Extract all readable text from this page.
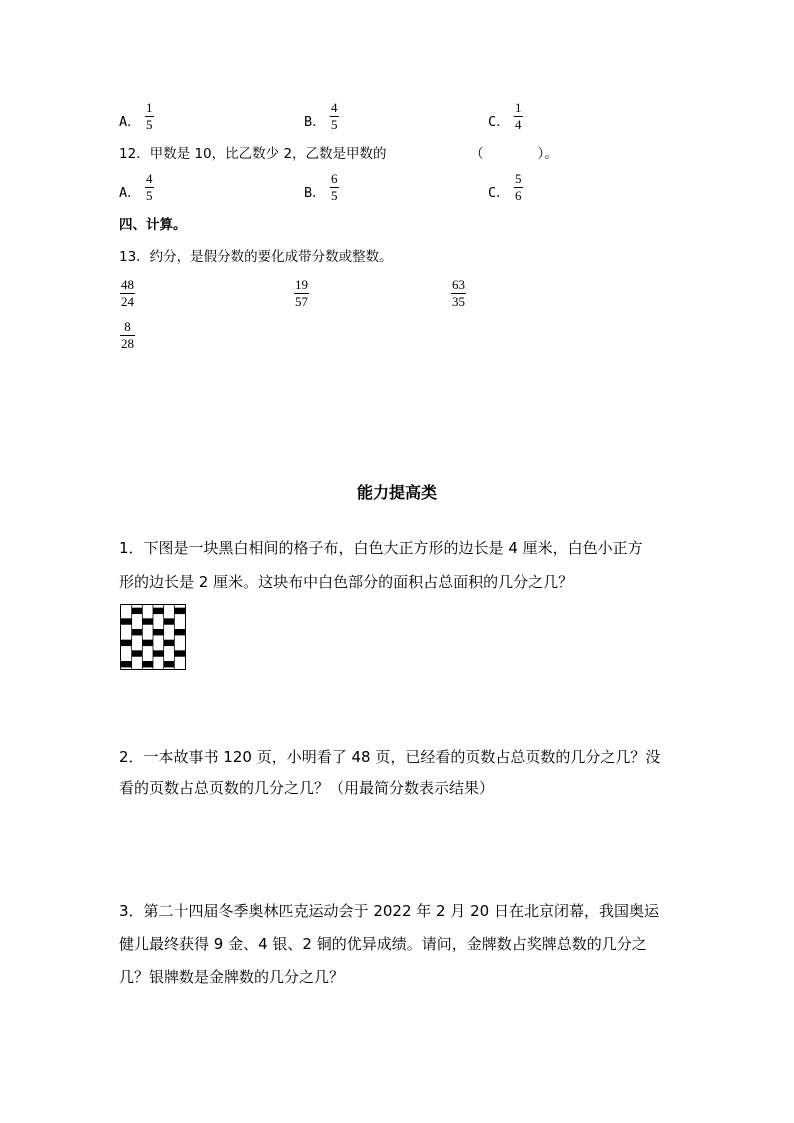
A．
1
5	B．
4
5	C．
1
4
12．甲数是 10，比乙数少 2，乙数是甲数的	（　　　　）。
A．
4
5	B．
6
5	C．
5
6
四、计算。
13．约分，是假分数的要化成带分数或整数。
48
24
19
57
63
35
8
28
能力提高类
1．下图是一块黑白相间的格子布，白色大正方形的边长是 4 厘米，白色小正方
形的边长是 2 厘米。这块布中白色部分的面积占总面积的几分之几？
2．一本故事书 120 页，小明看了 48 页，已经看的页数占总页数的几分之几？没
看的页数占总页数的几分之几？（用最简分数表示结果）
3．第二十四届冬季奥林匹克运动会于 2022 年 2 月 20 日在北京闭幕，我国奥运
健儿最终获得 9 金、4 银、2 铜的优异成绩。请问，金牌数占奖牌总数的几分之
几？银牌数是金牌数的几分之几？
